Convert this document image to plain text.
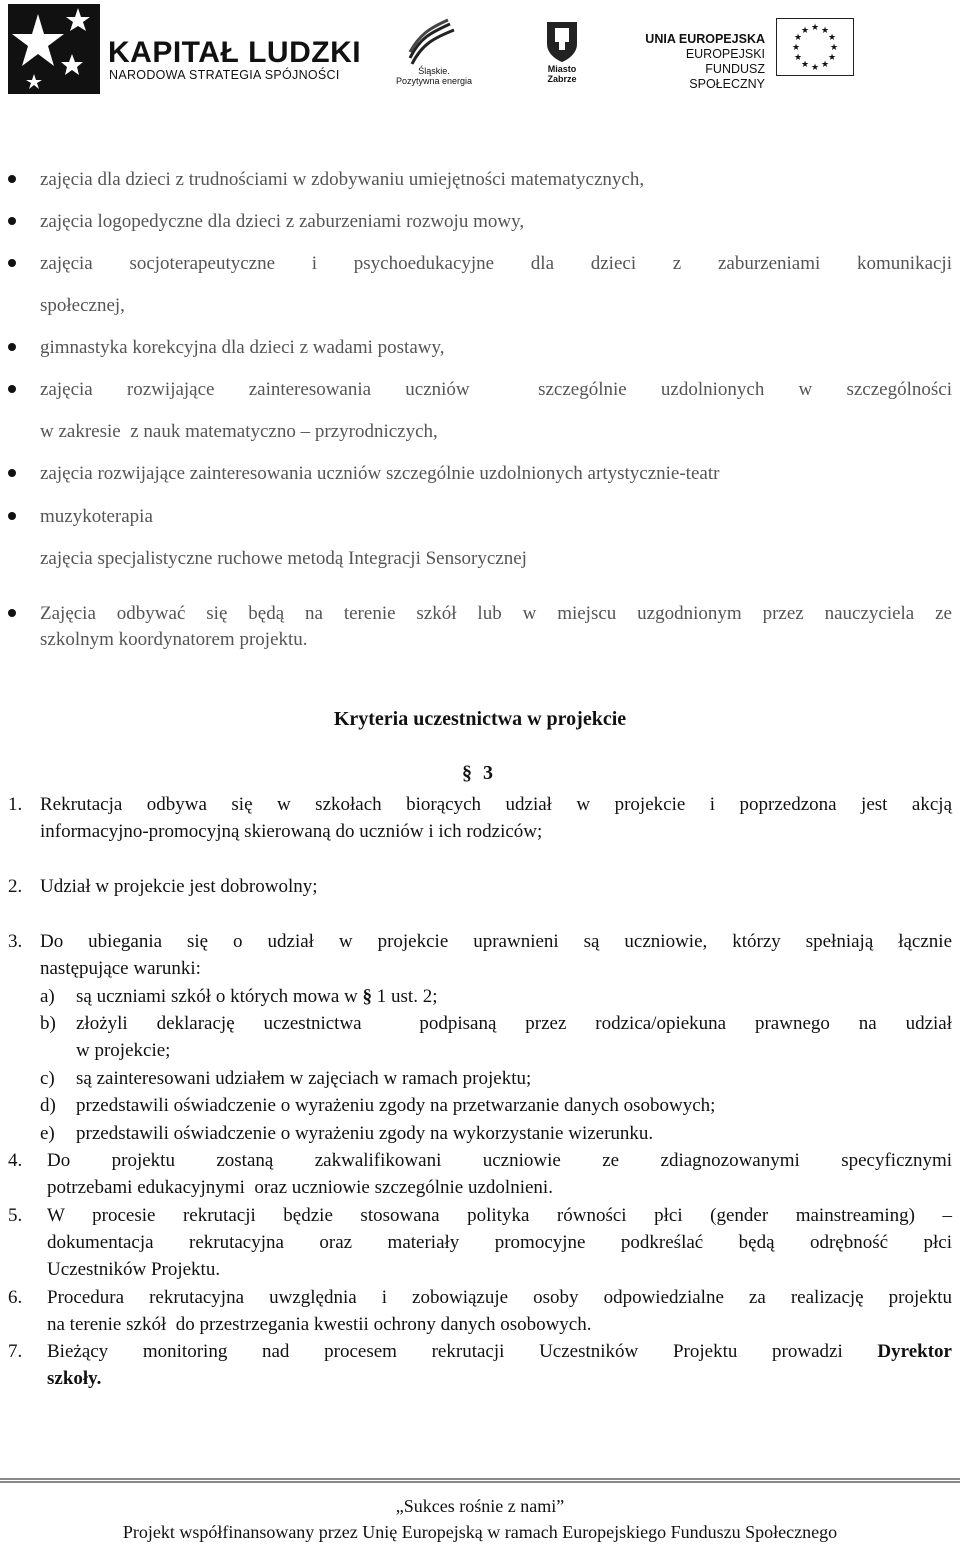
KAPITAŁ LUDZKI
NARODOWA STRATEGIA SPÓJNOŚCI	Śląskie.
Pozytywna energia
Miasto
Zabrze
UNIA EUROPEJSKA
EUROPEJSKI
FUNDUSZ SPOŁECZNY
★ ★
★
★
★
★
★
★
★
★
★
★
zajęcia dla dzieci z trudnościami w zdobywaniu umiejętności matematycznych,
zajęcia logopedyczne dla dzieci z zaburzeniami rozwoju mowy,
zajęcia socjoterapeutyczne i psychoedukacyjne dla dzieci z zaburzeniami komunikacji
społecznej,
gimnastyka korekcyjna dla dzieci z wadami postawy,
zajęcia rozwijające zainteresowania uczniów  szczególnie uzdolnionych w szczególności
w zakresie  z nauk matematyczno – przyrodniczych,
zajęcia rozwijające zainteresowania uczniów szczególnie uzdolnionych artystycznie-teatr
muzykoterapia
zajęcia specjalistyczne ruchowe metodą Integracji Sensorycznej
Zajęcia odbywać się będą na terenie szkół lub w miejscu uzgodnionym przez nauczyciela ze
szkolnym koordynatorem projektu.
Kryteria uczestnictwa w projekcie
§ 3
1. Rekrutacja odbywa się w szkołach biorących udział w projekcie i poprzedzona jest akcją
informacyjno-promocyjną skierowaną do uczniów i ich rodziców;
2. Udział w projekcie jest dobrowolny;
3. Do ubiegania się o udział w projekcie uprawnieni są uczniowie, którzy spełniają łącznie
następujące warunki:
a) są uczniami szkół o których mowa w § 1 ust. 2;
b) złożyli deklarację uczestnictwa  podpisaną przez rodzica/opiekuna prawnego na udział
w projekcie;
c) są zainteresowani udziałem w zajęciach w ramach projektu;
d) przedstawili oświadczenie o wyrażeniu zgody na przetwarzanie danych osobowych;
e) przedstawili oświadczenie o wyrażeniu zgody na wykorzystanie wizerunku.
4. Do projektu zostaną zakwalifikowani uczniowie ze zdiagnozowanymi specyficznymi
potrzebami edukacyjnymi  oraz uczniowie szczególnie uzdolnieni.
5. W procesie rekrutacji będzie stosowana polityka równości płci (gender mainstreaming) –
dokumentacja rekrutacyjna oraz materiały promocyjne podkreślać będą odrębność płci
Uczestników Projektu.
6. Procedura rekrutacyjna uwzględnia i zobowiązuje osoby odpowiedzialne za realizację projektu
na terenie szkół  do przestrzegania kwestii ochrony danych osobowych.
7. Bieżący monitoring nad procesem rekrutacji Uczestników Projektu prowadzi Dyrektor
szkoły.
„Sukces rośnie z nami”
Projekt współfinansowany przez Unię Europejską w ramach Europejskiego Funduszu Społecznego
